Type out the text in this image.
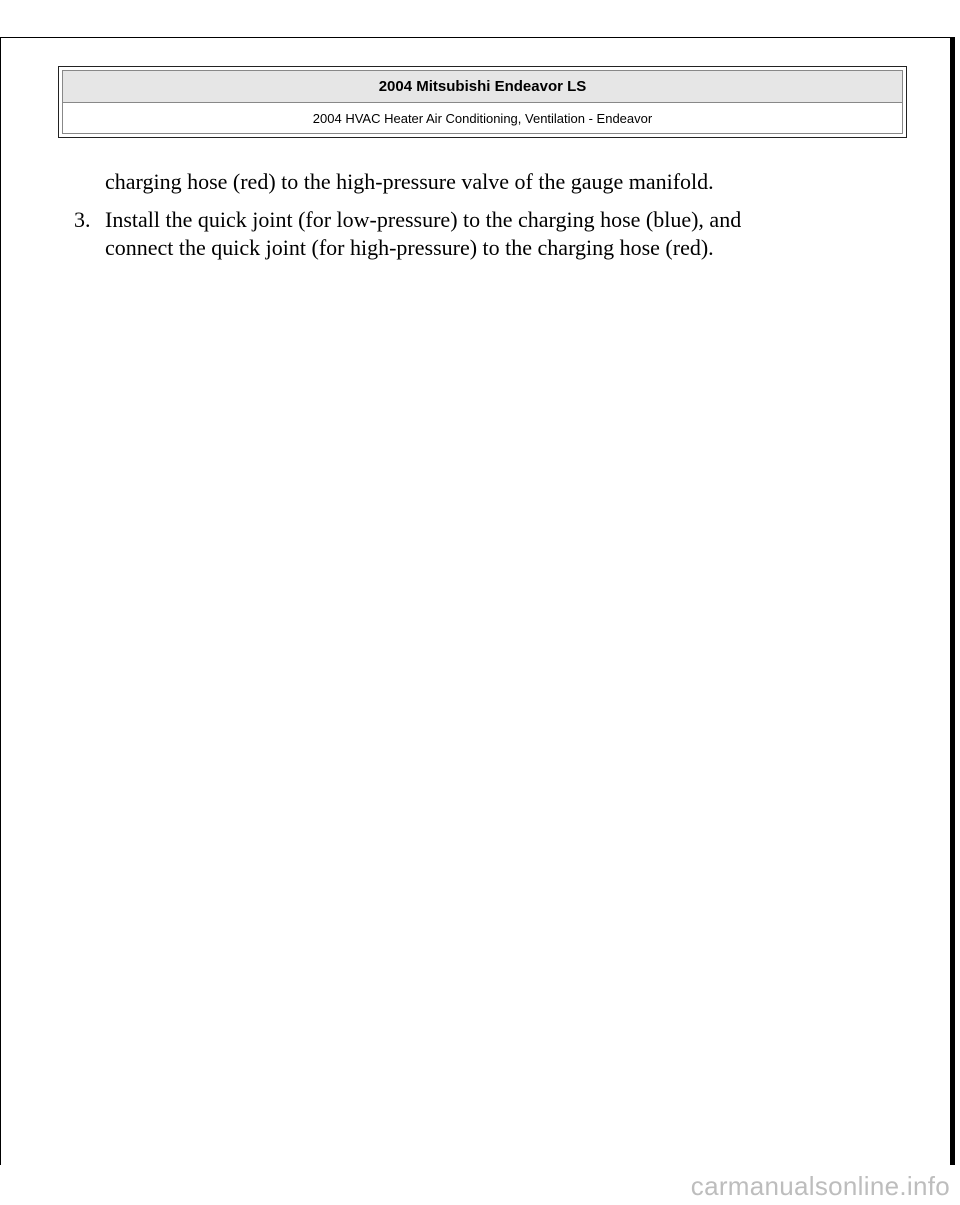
2004 Mitsubishi Endeavor LS
2004 HVAC Heater Air Conditioning, Ventilation - Endeavor
charging hose (red) to the high-pressure valve of the gauge manifold.
3. Install the quick joint (for low-pressure) to the charging hose (blue), and
connect the quick joint (for high-pressure) to the charging hose (red).
carmanualsonline.info
